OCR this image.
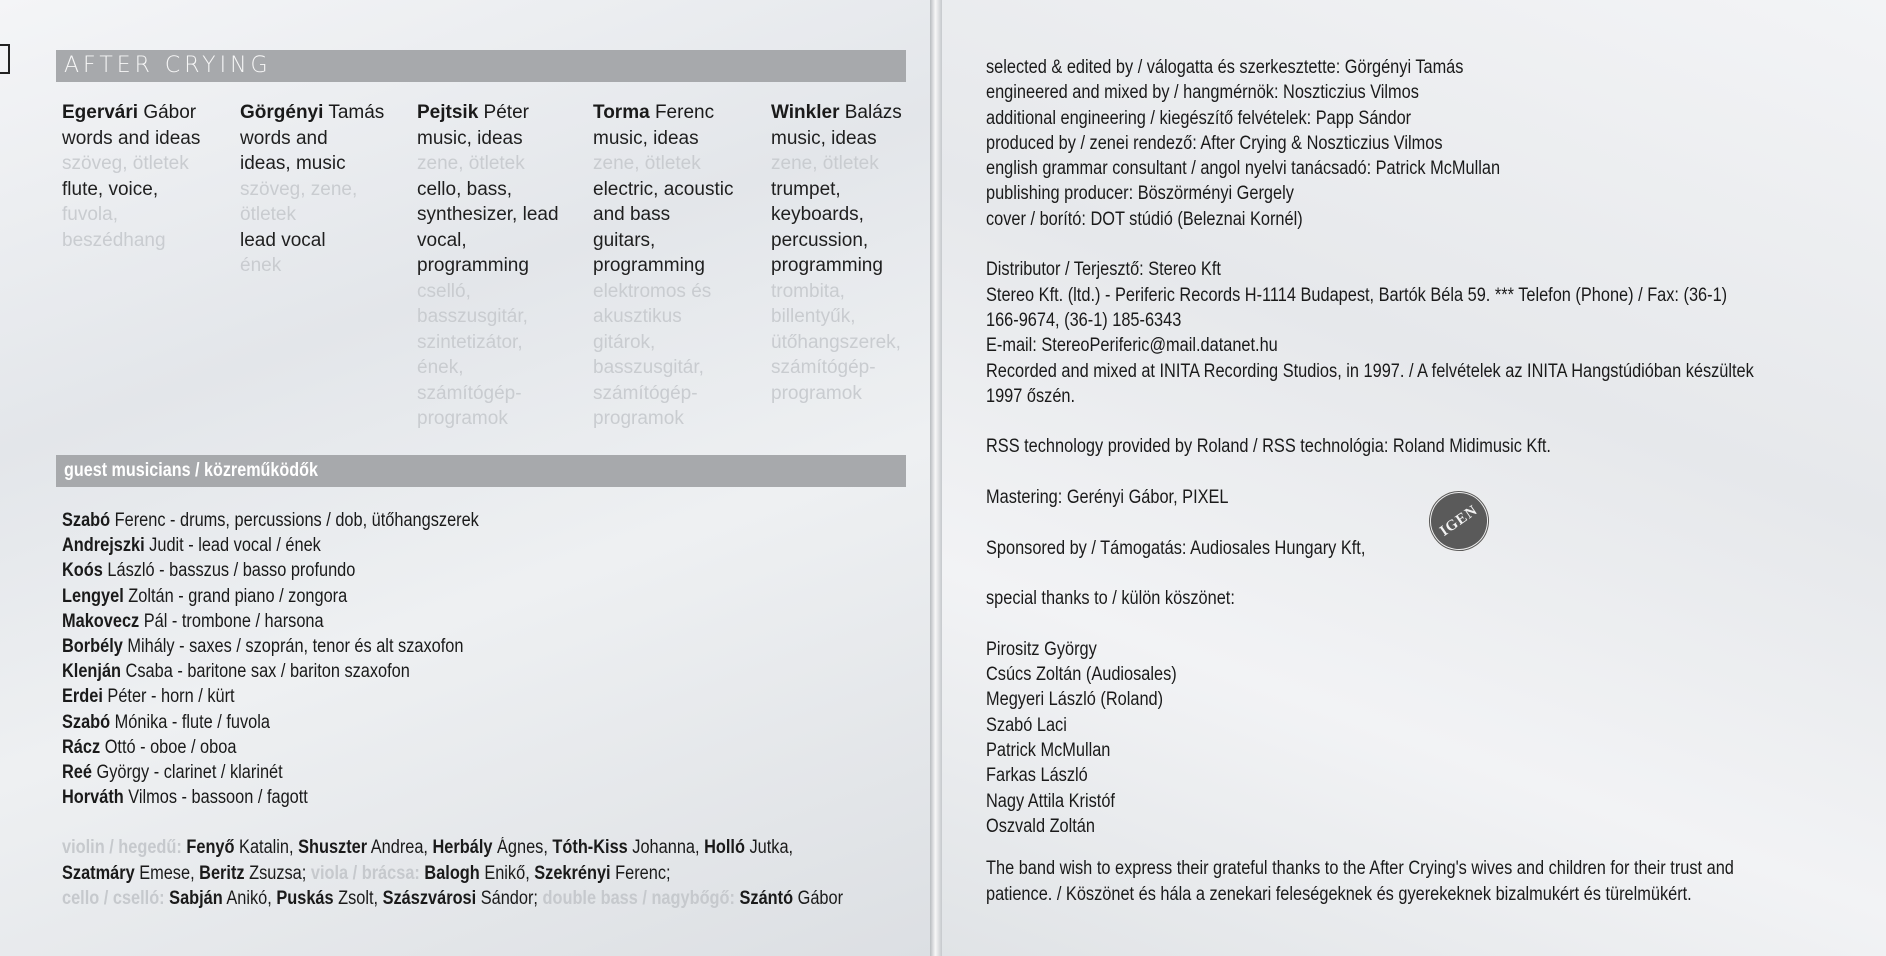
AFTER CRYING
Egervári Gábor
words and ideas
szöveg, ötletek
flute, voice,
fuvola,
beszédhang
Görgényi Tamás
words and
ideas, music
szöveg, zene,
ötletek
lead vocal
ének
Pejtsik Péter
music, ideas
zene, ötletek
cello, bass,
synthesizer, lead
vocal,
programming
cselló,
basszusgitár,
szintetizátor,
ének,
számítógép-
programok
Torma Ferenc
music, ideas
zene, ötletek
electric, acoustic
and bass
guitars,
programming
elektromos és
akusztikus
gitárok,
basszusgitár,
számítógép-
programok
Winkler Balázs
music, ideas
zene, ötletek
trumpet,
keyboards,
percussion,
programming
trombita,
billentyűk,
ütőhangszerek,
számítógép-
programok
guest musicians / közreműködők
Szabó Ferenc - drums, percussions / dob, ütőhangszerek
Andrejszki Judit - lead vocal / ének
Koós László - basszus / basso profundo
Lengyel Zoltán - grand piano / zongora
Makovecz Pál - trombone / harsona
Borbély Mihály - saxes / szoprán, tenor és alt szaxofon
Klenján Csaba - baritone sax / bariton szaxofon
Erdei Péter - horn / kürt
Szabó Mónika - flute / fuvola
Rácz Ottó - oboe / oboa
Reé György - clarinet / klarinét
Horváth Vilmos - bassoon / fagott
violin / hegedű: Fenyő Katalin, Shuszter Andrea, Herbály Ágnes, Tóth-Kiss Johanna, Holló Jutka,
Szatmáry Emese, Beritz Zsuzsa; viola / brácsa: Balogh Enikő, Szekrényi Ferenc;
cello / cselló: Sabján Anikó, Puskás Zsolt, Szászvárosi Sándor; double bass / nagybőgő: Szántó Gábor
selected & edited by / válogatta és szerkesztette: Görgényi Tamás
engineered and mixed by / hangmérnök: Noszticzius Vilmos
additional engineering / kiegészítő felvételek: Papp Sándor
produced by / zenei rendező: After Crying & Noszticzius Vilmos
english grammar consultant / angol nyelvi tanácsadó: Patrick McMullan
publishing producer: Böszörményi Gergely
cover / borító: DOT stúdió (Beleznai Kornél)
Distributor / Terjesztő: Stereo Kft
Stereo Kft. (ltd.) - Periferic Records H-1114 Budapest, Bartók Béla 59. *** Telefon (Phone) / Fax: (36-1)
166-9674, (36-1) 185-6343
E-mail: StereoPeriferic@mail.datanet.hu
Recorded and mixed at INITA Recording Studios, in 1997. / A felvételek az INITA Hangstúdióban készültek
1997 őszén.
RSS technology provided by Roland / RSS technológia: Roland Midimusic Kft.
Mastering: Gerényi Gábor, PIXEL
Sponsored by / Támogatás: Audiosales Hungary Kft,
special thanks to / külön köszönet:
Pirositz György
Csúcs Zoltán (Audiosales)
Megyeri László (Roland)
Szabó Laci
Patrick McMullan
Farkas László
Nagy Attila Kristóf
Oszvald Zoltán
The band wish to express their grateful thanks to the After Crying's wives and children for their trust and
patience. / Köszönet és hála a zenekari feleségeknek és gyerekeknek bizalmukért és türelmükért.
IGEN
